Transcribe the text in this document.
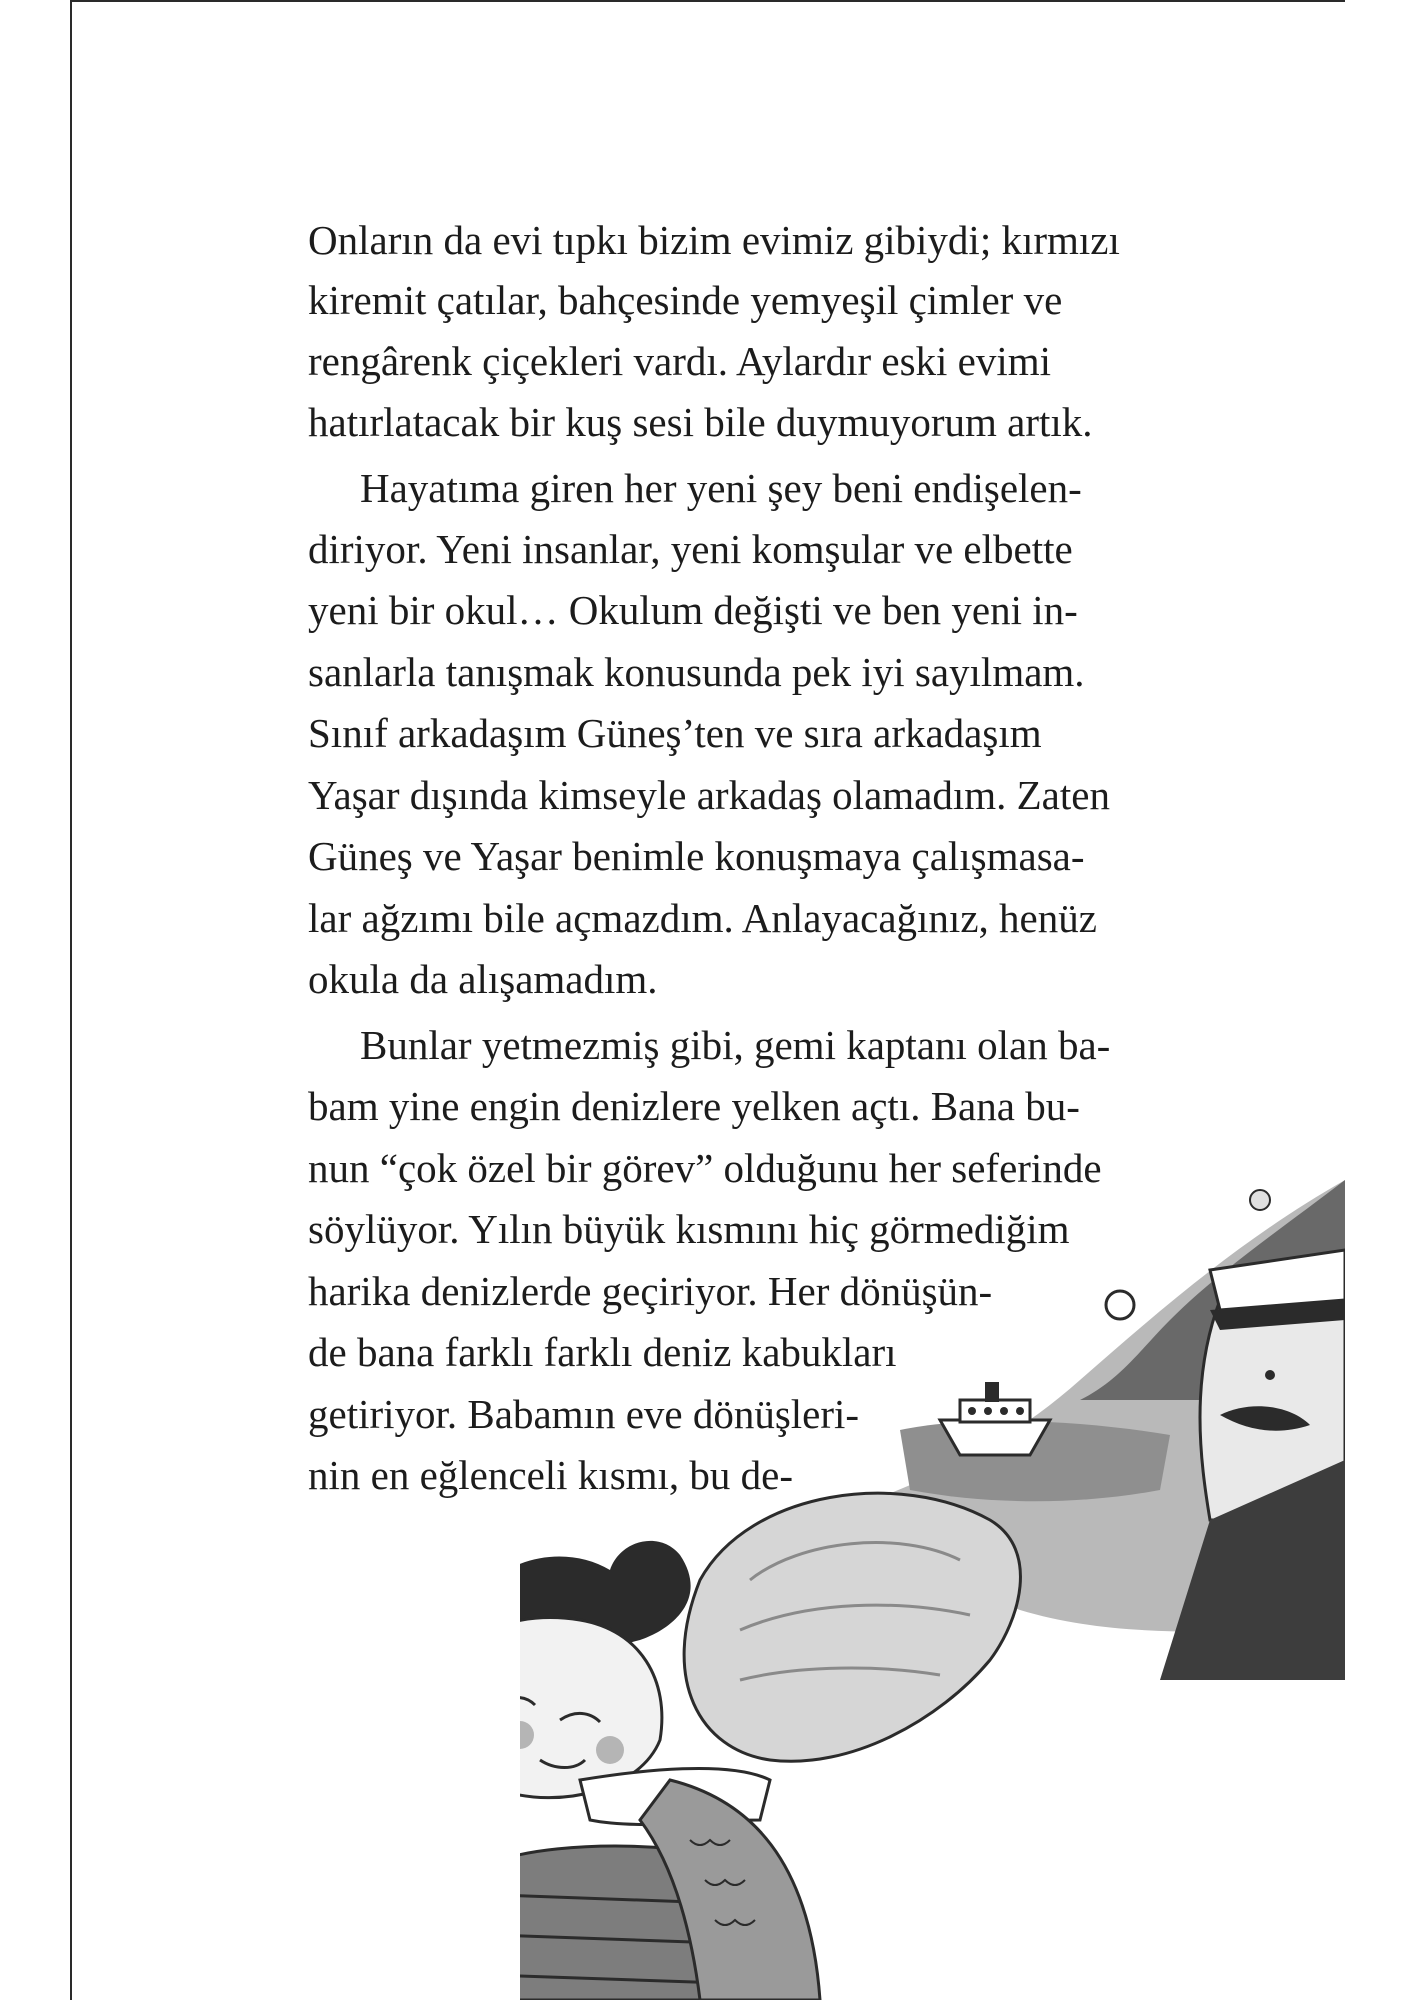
Onların da evi tıpkı bizim evimiz gibiydi; kırmızı
kiremit çatılar, bahçesinde yemyeşil çimler ve
rengârenk çiçekleri vardı. Aylardır eski evimi
hatırlatacak bir kuş sesi bile duymuyorum artık.
Hayatıma giren her yeni şey beni endişelen-
diriyor. Yeni insanlar, yeni komşular ve elbette
yeni bir okul… Okulum değişti ve ben yeni in-
sanlarla tanışmak konusunda pek iyi sayılmam.
Sınıf arkadaşım Güneş’ten ve sıra arkadaşım
Yaşar dışında kimseyle arkadaş olamadım. Zaten
Güneş ve Yaşar benimle konuşmaya çalışmasa-
lar ağzımı bile açmazdım. Anlayacağınız, henüz
okula da alışamadım.
Bunlar yetmezmiş gibi, gemi kaptanı olan ba-
bam yine engin denizlere yelken açtı. Bana bu-
nun “çok özel bir görev” olduğunu her seferinde
söylüyor. Yılın büyük kısmını hiç görmediğim
harika denizlerde geçiriyor. Her dönüşün-
de bana farklı farklı deniz kabukları
getiriyor. Babamın eve dönüşleri-
nin en eğlenceli kısmı, bu de-
